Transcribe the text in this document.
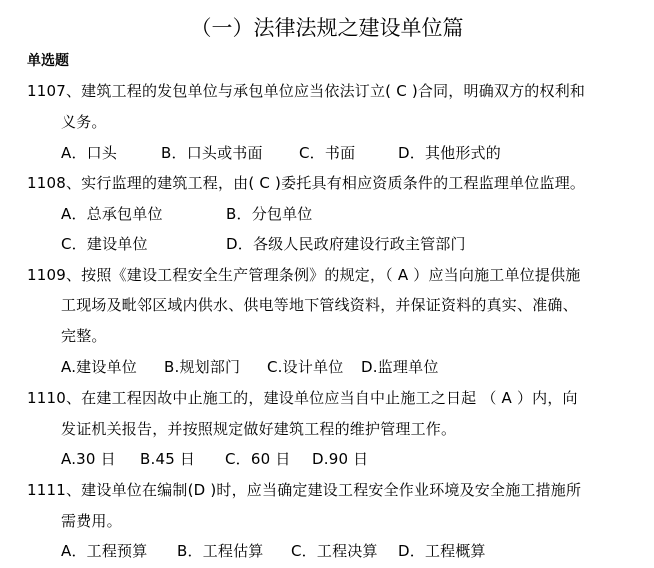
（一）法律法规之建设单位篇
单选题
1107、建筑工程的发包单位与承包单位应当依法订立( C )合同，明确双方的权利和
义务。
A．口头	B．口头或书面 C．书面	D．其他形式的
1108、实行监理的建筑工程，由( C )委托具有相应资质条件的工程监理单位监理。
A．总承包单位	B．分包单位
C．建设单位	D．各级人民政府建设行政主管部门
1109、按照《建设工程安全生产管理条例》的规定，（ A ）应当向施工单位提供施
工现场及毗邻区域内供水、供电等地下管线资料，并保证资料的真实、准确、
完整。
A.建设单位 B.规划部门 C.设计单位 D.监理单位
1110、在建工程因故中止施工的，建设单位应当自中止施工之日起 （ A ）内，向
发证机关报告，并按照规定做好建筑工程的维护管理工作。
A.30 日 B.45 日 C．60 日 D.90 日
1111、建设单位在编制(D )时，应当确定建设工程安全作业环境及安全施工措施所
需费用。
A．工程预算 B．工程估算 C．工程决算 D．工程概算
